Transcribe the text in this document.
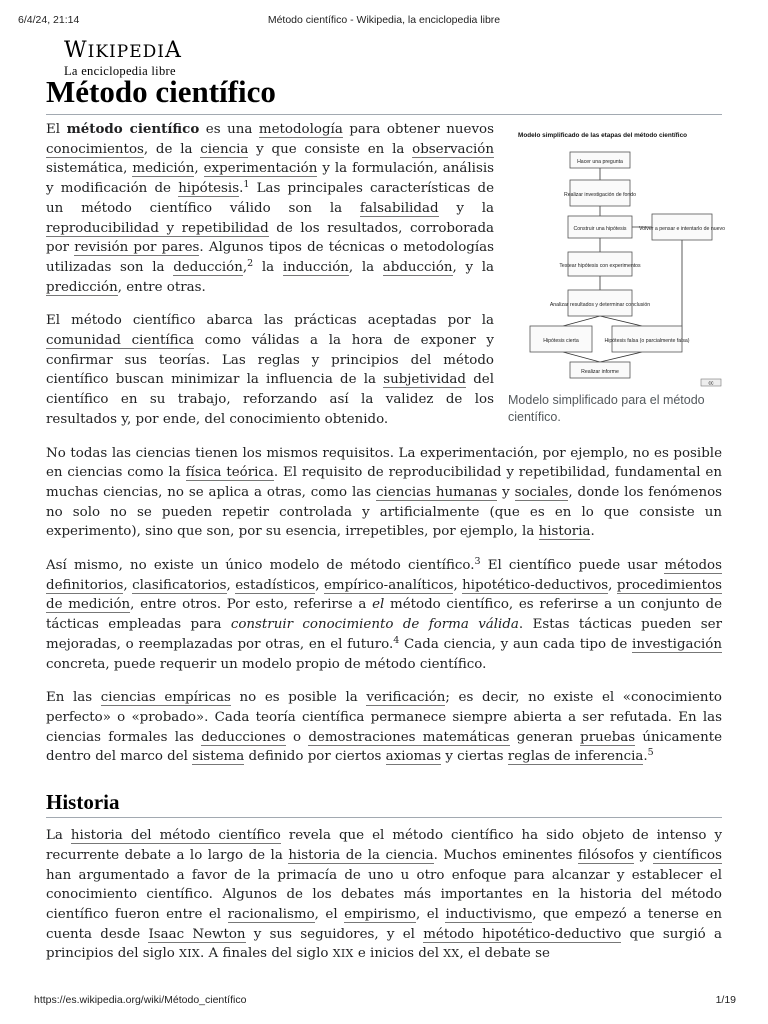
6/4/24, 21:14	Método científico - Wikipedia, la enciclopedia libre
WIKIPEDIA
La enciclopedia libre
Método científico
Modelo simplificado de las etapas del método científico
Hacer una pregunta
Realizar investigación de fondo
Construir una hipótesis
Testear hipótesis con experimentos
Analizar resultados y determinar conclusión
Hipótesis cierta	Hipótesis falsa (o parcialmente falsa)
Realizar informe
Volver a pensar e intentarlo de nuevo
cc
Modelo simplificado para el método científico.

El método científico es una metodología para obtener nuevos conocimientos, de la ciencia y que consiste en la observación sistemática, medición, experimentación y la formulación, análisis y modificación de hipótesis.$^1$ Las principales características de un método científico válido son la falsabilidad y la reproducibilidad y repetibilidad de los resultados, corroborada por revisión por pares. Algunos tipos de técnicas o metodologías utilizadas son la deducción,$^2$ la inducción, la abducción, y la predicción, entre otras.

El método científico abarca las prácticas aceptadas por la comunidad científica como válidas a la hora de exponer y confirmar sus teorías. Las reglas y principios del método científico buscan minimizar la influencia de la subjetividad del científico en su trabajo, reforzando así la validez de los resultados y, por ende, del conocimiento obtenido.

No todas las ciencias tienen los mismos requisitos. La experimentación, por ejemplo, no es posible en ciencias como la física teórica. El requisito de reproducibilidad y repetibilidad, fundamental en muchas ciencias, no se aplica a otras, como las ciencias humanas y sociales, donde los fenómenos no solo no se pueden repetir controlada y artificialmente (que es en lo que consiste un experimento), sino que son, por su esencia, irrepetibles, por ejemplo, la historia.

Así mismo, no existe un único modelo de método científico.$^3$ El científico puede usar métodos definitorios, clasificatorios, estadísticos, empírico-analíticos, hipotético-deductivos, procedimientos de medición, entre otros. Por esto, referirse a el método científico, es referirse a un conjunto de tácticas empleadas para construir conocimiento de forma válida. Estas tácticas pueden ser mejoradas, o reemplazadas por otras, en el futuro.$^4$ Cada ciencia, y aun cada tipo de investigación concreta, puede requerir un modelo propio de método científico.

En las ciencias empíricas no es posible la verificación; es decir, no existe el «conocimiento perfecto» o «probado». Cada teoría científica permanece siempre abierta a ser refutada. En las ciencias formales las deducciones o demostraciones matemáticas generan pruebas únicamente dentro del marco del sistema definido por ciertos axiomas y ciertas reglas de inferencia.$^5$

Historia

La historia del método científico revela que el método científico ha sido objeto de intenso y recurrente debate a lo largo de la historia de la ciencia. Muchos eminentes filósofos y científicos han argumentado a favor de la primacía de uno u otro enfoque para alcanzar y establecer el conocimiento científico. Algunos de los debates más importantes en la historia del método científico fueron entre el racionalismo, el empirismo, el inductivismo, que empezó a tenerse en cuenta desde Isaac Newton y sus seguidores, y el método hipotético-deductivo que surgió a principios del siglo XIX. A finales del siglo XIX e inicios del XX, el debate se

https://es.wikipedia.org/wiki/Método_científico	1/19
